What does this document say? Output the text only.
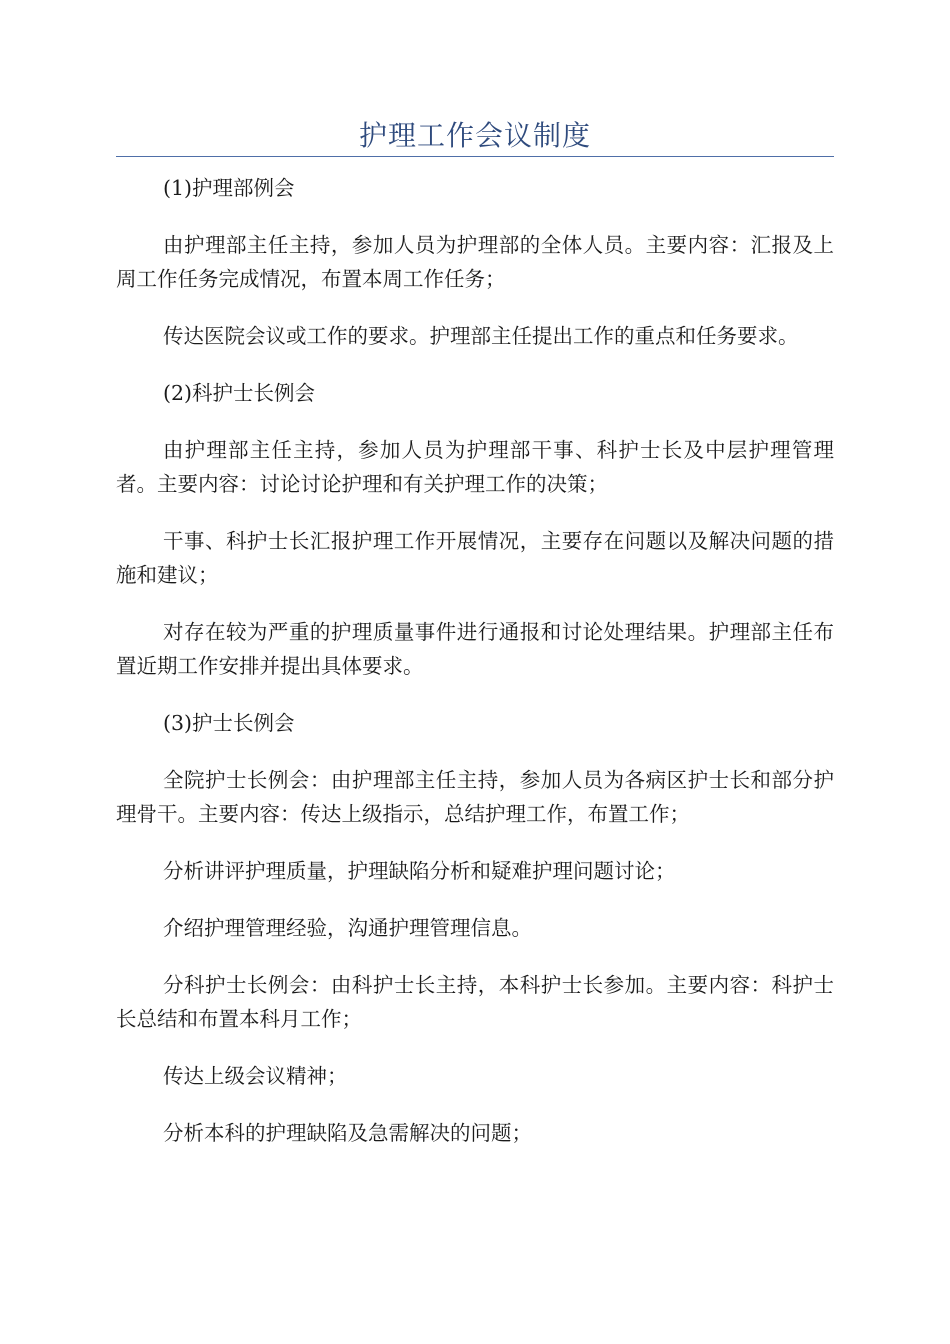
护理工作会议制度

(1)护理部例会

由护理部主任主持，参加人员为护理部的全体人员。主要内容：汇报及上周工作任务完成情况，布置本周工作任务；

传达医院会议或工作的要求。护理部主任提出工作的重点和任务要求。

(2)科护士长例会

由护理部主任主持，参加人员为护理部干事、科护士长及中层护理管理者。主要内容：讨论讨论护理和有关护理工作的决策；

干事、科护士长汇报护理工作开展情况，主要存在问题以及解决问题的措施和建议；

对存在较为严重的护理质量事件进行通报和讨论处理结果。护理部主任布置近期工作安排并提出具体要求。

(3)护士长例会

全院护士长例会：由护理部主任主持，参加人员为各病区护士长和部分护理骨干。主要内容：传达上级指示，总结护理工作，布置工作；

分析讲评护理质量，护理缺陷分析和疑难护理问题讨论；

介绍护理管理经验，沟通护理管理信息。

分科护士长例会：由科护士长主持，本科护士长参加。主要内容：科护士长总结和布置本科月工作；

传达上级会议精神；

分析本科的护理缺陷及急需解决的问题；
